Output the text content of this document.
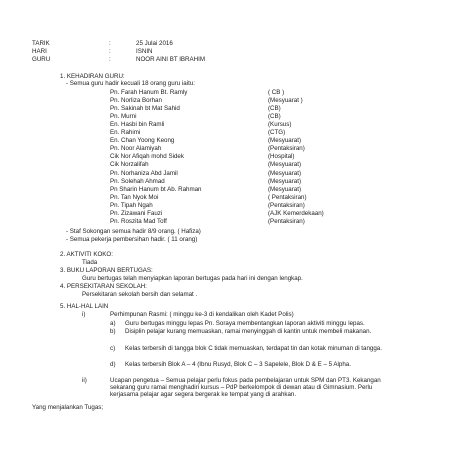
TARIK	:	25 Julai 2016
HARI	:	ISNIN
GURU	:	NOOR AINI BT IBRAHIM
1. KEHADIRAN GURU:
- Semua guru hadir kecuali 18 orang guru iaitu:
Pn. Farah Hanum Bt. Ramly	( CB )
Pn. Norliza Borhan	(Mesyuarat )
Pn. Sakinah bt Mat Sahid	(CB)
Pn. Murni	(CB)
En. Hasbi bin Ramli	(Kursus)
En. Rahimi	(CTG)
En. Chan Yoong Keong	(Mesyuarat)
Pn. Noor Alamiyah	(Pentaksiran)
Cik Nor Afiqah mohd Sidek	(Hospital)
Cik Norzalifah	(Mesyuarat)
Pn. Norhaniza Abd Jamil	(Mesyuarat)
Pn. Solehah Ahmad	(Mesyuarat)
Pn Sharin Hanum bt Ab. Rahman	(Mesyuarat)
Pn. Tan Nyok Moi	( Pentaksiran)
Pn. Tipah Ngah	(Pentaksiran)
Pn. Zizawani Fauzi	(AJK Kemerdekaan)
Pn. Roszita Mad Toff	(Pentaksiran)
- Staf Sokongan semua hadir 8/9 orang. ( Hafiza)
- Semua pekerja pembersihan hadir. ( 11 orang)
2. AKTIVITI KOKO:
Tiada
3. BUKU LAPORAN BERTUGAS:
Guru bertugas telah menyiapkan laporan bertugas pada hari ini dengan lengkap.
4. PERSEKITARAN SEKOLAH:
Persekitaran sekolah bersih dan selamat .
5. HAL-HAL LAIN
i)	Perhimpunan Rasmi: ( minggu ke-3 di kendalikan oleh Kadet Polis)
a) Guru bertugas minggu lepas Pn. Soraya membentangkan laporan aktiviti minggu lepas.
b) Disiplin pelajar kurang memuaskan, ramai menyinggah di kantin untuk membeli makanan.
c) Kelas terbersih di tangga blok C tidak memuaskan, terdapat tin dan kotak minuman di tangga.
d) Kelas terbersih Blok A – 4 (Ibnu Rusyd, Blok C – 3 Sapelele, Blok D & E – 5 Alpha.
ii)	Ucapan pengetua – Semua pelajar perlu fokus pada pembelajaran untuk SPM dan PT3. Kekangan sekarang guru ramai menghadiri kursus – PdP berkelompok di dewan atau di Gimnasium. Perlu kerjasama pelajar agar segera bergerak ke tempat yang di arahkan.
Yang menjalankan Tugas;
